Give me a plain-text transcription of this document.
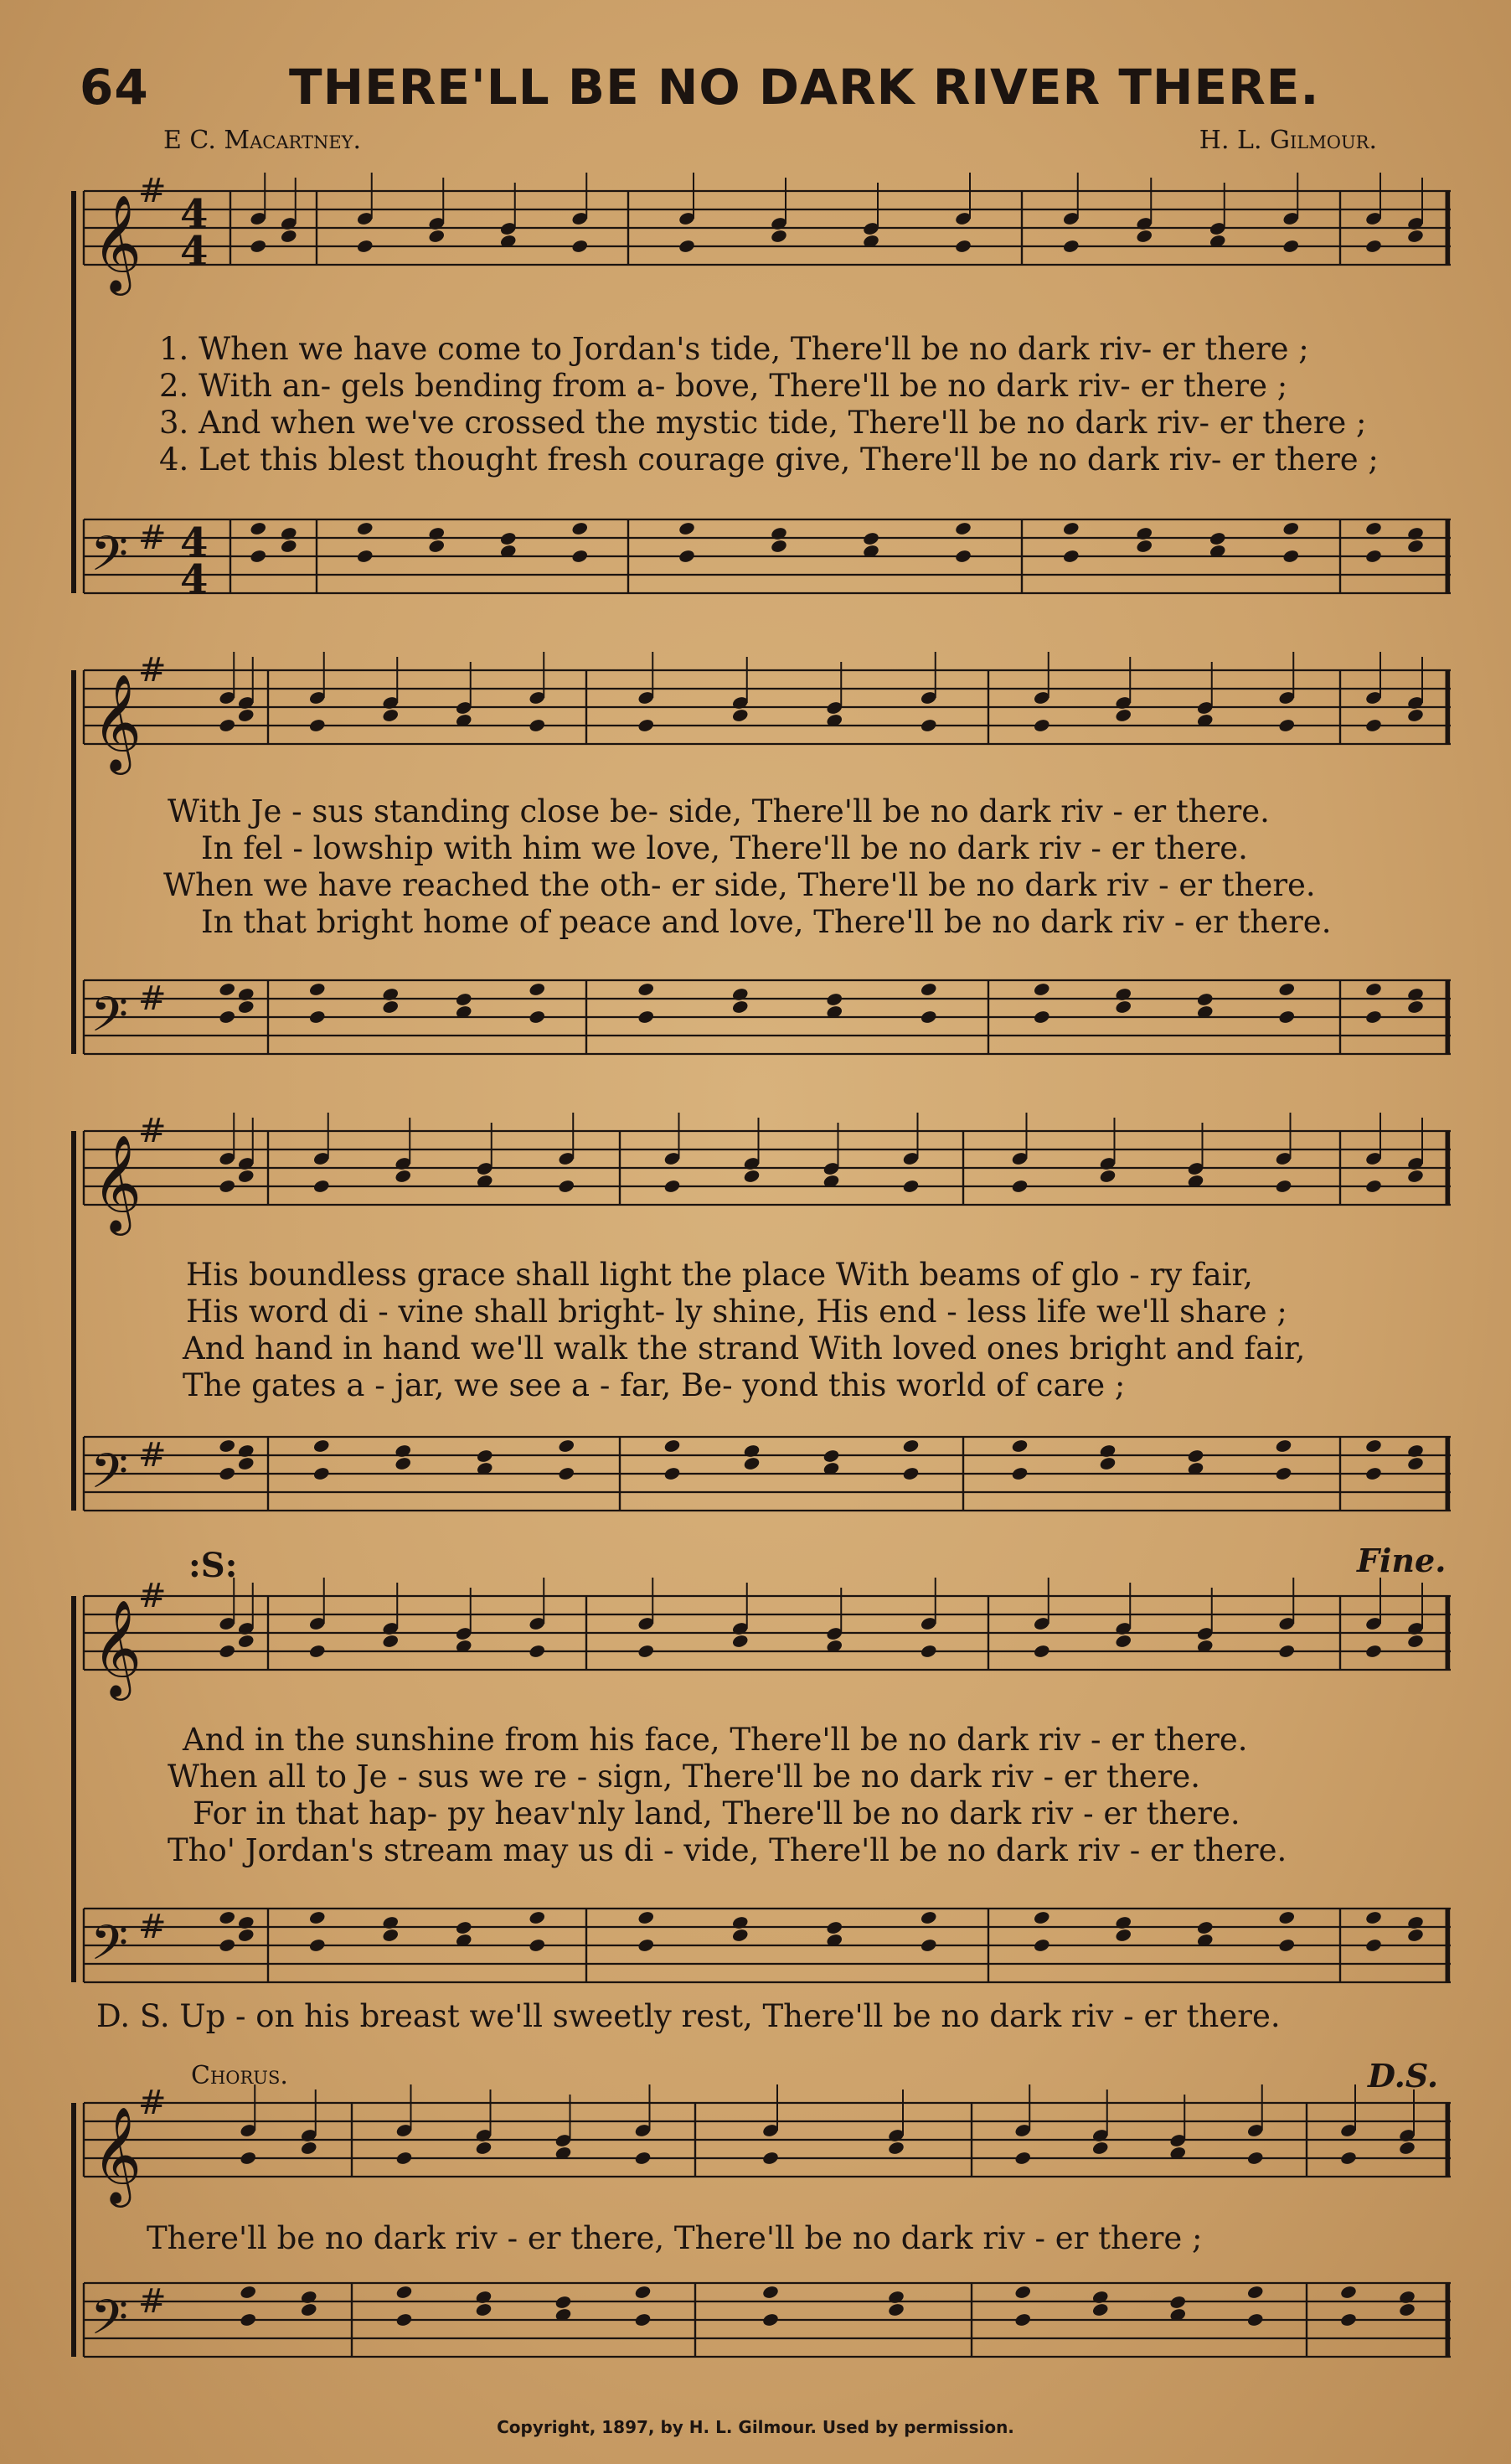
64	THERE'LL BE NO DARK RIVER THERE.
E C. Macartney.	H. L. Gilmour.
𝄞
𝄢
#
#
4
4
4
4
𝄞
𝄢
#
#
𝄞
𝄢
#
#
𝄞
𝄢
#
#
𝄞
𝄢
#
#
1. When we have come to Jordan's tide, There'll be no dark riv- er there ;
2. With an- gels bending from a- bove, There'll be no dark riv- er there ;
3. And when we've crossed the mystic tide, There'll be no dark riv- er there ;
4. Let this blest thought fresh courage give, There'll be no dark riv- er there ;
With Je - sus standing close be- side, There'll be no dark riv - er there.
In fel - lowship with him we love, There'll be no dark riv - er there.
When we have reached the oth- er side, There'll be no dark riv - er there.
In that bright home of peace and love, There'll be no dark riv - er there.
His boundless grace shall light the place With beams of glo - ry fair,
His word di - vine shall bright- ly shine, His end - less life we'll share ;
And hand in hand we'll walk the strand With loved ones bright and fair,
The gates a - jar, we see a - far, Be- yond this world of care ;
:S:	Fine.
And in the sunshine from his face, There'll be no dark riv - er there.
When all to Je - sus we re - sign, There'll be no dark riv - er there.
For in that hap- py heav'nly land, There'll be no dark riv - er there.
Tho' Jordan's stream may us di - vide, There'll be no dark riv - er there.
D. S. Up - on his breast we'll sweetly rest, There'll be no dark riv - er there.
Chorus.	D.S.
There'll be no dark riv - er there, There'll be no dark riv - er there ;
Copyright, 1897, by H. L. Gilmour. Used by permission.
